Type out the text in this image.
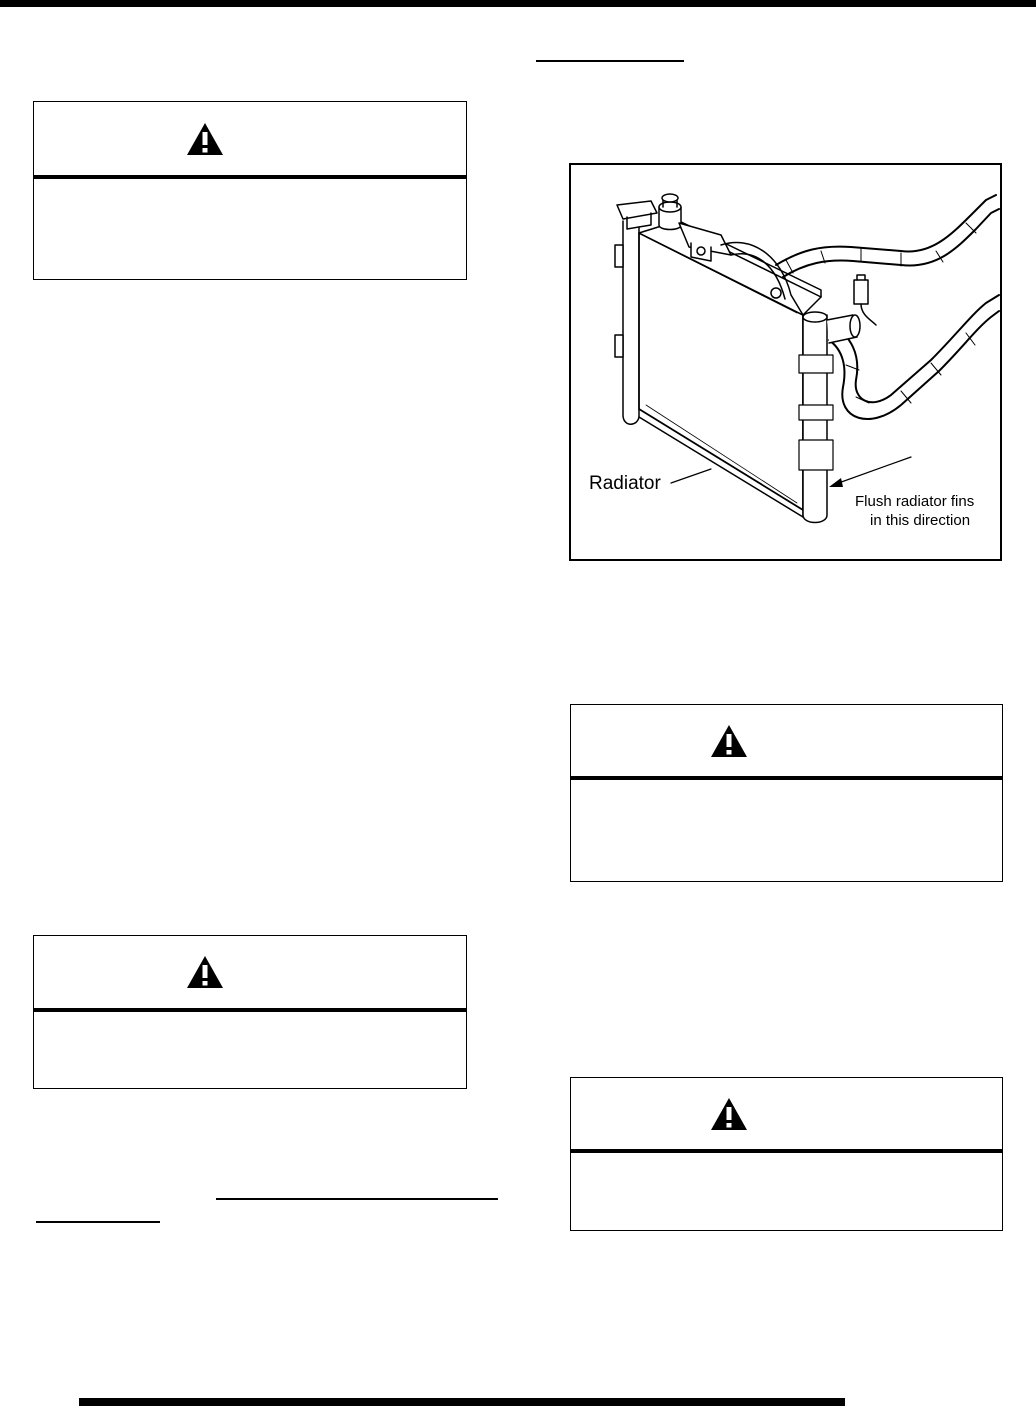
Radiator
Flush radiator fins
in this direction
